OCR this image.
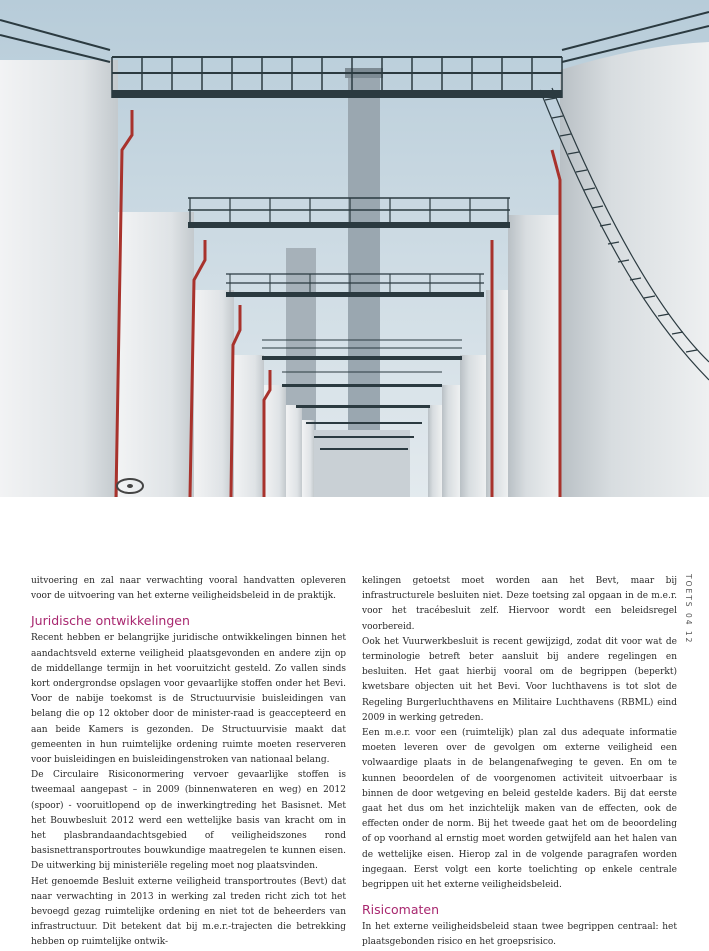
TOETS 04 12

uitvoering en zal naar verwachting vooral handvatten opleveren voor de uitvoering van het externe veiligheidsbeleid in de praktijk.

Juridische ontwikkelingen

Recent hebben er belangrijke juridische ontwikkelingen binnen het aandachtsveld externe veiligheid plaatsgevonden en andere zijn op de middellange termijn in het vooruitzicht gesteld. Zo vallen sinds kort ondergrondse opslagen voor gevaarlijke stoffen onder het Bevi. Voor de nabije toekomst is de Structuurvisie buisleidingen van belang die op 12 oktober door de minister-raad is geaccepteerd en aan beide Kamers is gezonden. De Structuurvisie maakt dat gemeenten in hun ruimtelijke ordening ruimte moeten reserveren voor buisleidingen en buisleidingenstroken van nationaal belang.

De Circulaire Risiconormering vervoer gevaarlijke stoffen is tweemaal aangepast – in 2009 (binnenwateren en weg) en 2012 (spoor) - vooruitlopend op de inwerkingtreding het Basisnet. Met het Bouwbesluit 2012 werd een wettelijke basis van kracht om in het plasbrandaandachtsgebied of veiligheidszones rond basisnettransportroutes bouwkundige maatregelen te kunnen eisen. De uitwerking bij ministeriële regeling moet nog plaatsvinden.

Het genoemde Besluit externe veiligheid transportroutes (Bevt) dat naar verwachting in 2013 in werking zal treden richt zich tot het bevoegd gezag ruimtelijke ordening en niet tot de beheerders van infrastructuur. Dit betekent dat bij m.e.r.-trajecten die betrekking hebben op ruimtelijke ontwik-

kelingen getoetst moet worden aan het Bevt, maar bij infrastructurele besluiten niet. Deze toetsing zal opgaan in de m.e.r. voor het tracébesluit zelf. Hiervoor wordt een beleidsregel voorbereid.

Ook het Vuurwerkbesluit is recent gewijzigd, zodat dit voor wat de terminologie betreft beter aansluit bij andere regelingen en besluiten. Het gaat hierbij vooral om de begrippen (beperkt) kwetsbare objecten uit het Bevi. Voor luchthavens is tot slot de Regeling Burgerluchthavens en Militaire Luchthavens (RBML) eind 2009 in werking getreden.

Een m.e.r. voor een (ruimtelijk) plan zal dus adequate informatie moeten leveren over de gevolgen om externe veiligheid een volwaardige plaats in de belangenafweging te geven. En om te kunnen beoordelen of de voorgenomen activiteit uitvoerbaar is binnen de door wetgeving en beleid gestelde kaders. Bij dat eerste gaat het dus om het inzichtelijk maken van de effecten, ook de effecten onder de norm. Bij het tweede gaat het om de beoordeling of op voorhand al ernstig moet worden getwijfeld aan het halen van de wettelijke eisen. Hierop zal in de volgende paragrafen worden ingegaan. Eerst volgt een korte toelichting op enkele centrale begrippen uit het externe veiligheidsbeleid.

Risicomaten

In het externe veiligheidsbeleid staan twee begrippen centraal: het plaatsgebonden risico en het groepsrisico.
